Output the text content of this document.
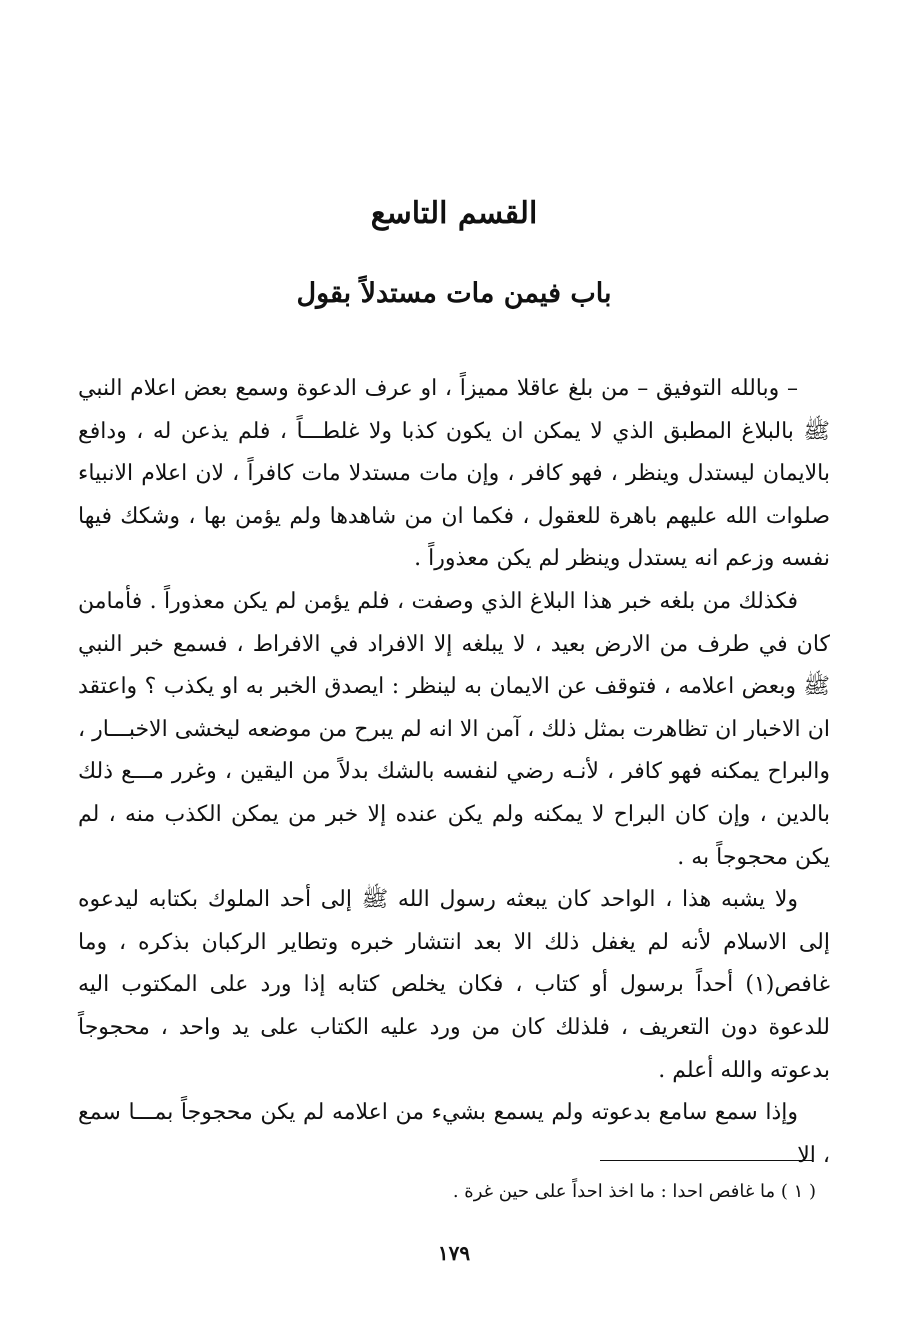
القسم التاسع
باب فيمن مات مستدلاً بقول

– وبالله التوفيق – من بلغ عاقلا مميزاً ، او عرف الدعوة وسمع بعض اعلام النبي ﷺ بالبلاغ المطبق الذي لا يمكن ان يكون كذبا ولا غلطـــاً ، فلم يذعن له ، ودافع بالايمان ليستدل وينظر ، فهو كافر ، وإن مات مستدلا مات كافراً ، لان اعلام الانبياء صلوات الله عليهم باهرة للعقول ، فكما ان من شاهدها ولم يؤمن بها ، وشكك فيها نفسه وزعم انه يستدل وينظر لم يكن معذوراً .

فكذلك من بلغه خبر هذا البلاغ الذي وصفت ، فلم يؤمن لم يكن معذوراً . فأمامن كان في طرف من الارض بعيد ، لا يبلغه إلا الافراد في الافراط ، فسمع خبر النبي ﷺ وبعض اعلامه ، فتوقف عن الايمان به لينظر : ايصدق الخبر به او يكذب ؟ واعتقد ان الاخبار ان تظاهرت بمثل ذلك ، آمن الا انه لم يبرح من موضعه ليخشى الاخبـــار ، والبراح يمكنه فهو كافر ، لأنـه رضي لنفسه بالشك بدلاً من اليقين ، وغرر مـــع ذلك بالدين ، وإن كان البراح لا يمكنه ولم يكن عنده إلا خبر من يمكن الكذب منه ، لم يكن محجوجاً به .

ولا يشبه هذا ، الواحد كان يبعثه رسول الله ﷺ إلى أحد الملوك بكتابه ليدعوه إلى الاسلام لأنه لم يغفل ذلك الا بعد انتشار خبره وتطاير الركبان بذكره ، وما غافص(١) أحداً برسول أو كتاب ، فكان يخلص كتابه إذا ورد على المكتوب اليه للدعوة دون التعريف ، فلذلك كان من ورد عليه الكتاب على يد واحد ، محجوجاً بدعوته والله أعلم .

وإذا سمع سامع بدعوته ولم يسمع بشيء من اعلامه لم يكن محجوجاً بمـــا سمع ، الا

( ١ ) ما غافص احدا : ما اخذ احداً على حين غرة .
١٧٩
